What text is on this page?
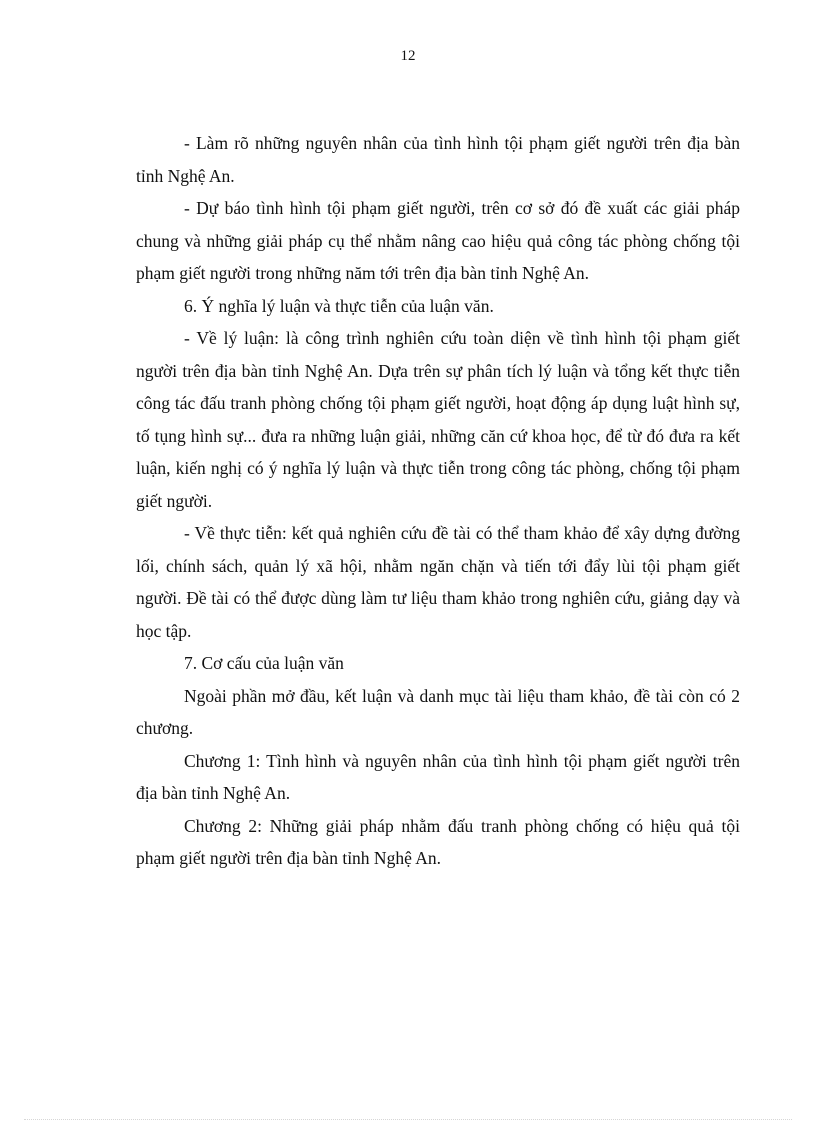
12

- Làm rõ những nguyên nhân của tình hình tội phạm giết người trên địa bàn tỉnh Nghệ An.

- Dự báo tình hình tội phạm giết người, trên cơ sở đó đề xuất các giải pháp chung và những giải pháp cụ thể nhằm nâng cao hiệu quả công tác phòng chống tội phạm giết người trong những năm tới trên địa bàn tỉnh Nghệ An.

6. Ý nghĩa lý luận và thực tiễn của luận văn.

- Về lý luận: là công trình nghiên cứu toàn diện về tình hình tội phạm giết người trên địa bàn tỉnh Nghệ An. Dựa trên sự phân tích lý luận và tổng kết thực tiễn công tác đấu tranh phòng chống tội phạm giết người, hoạt động áp dụng luật hình sự, tố tụng hình sự... đưa ra những luận giải, những căn cứ khoa học, để từ đó đưa ra kết luận, kiến nghị có ý nghĩa lý luận và thực tiễn trong công tác phòng, chống tội phạm giết người.

- Về thực tiễn: kết quả nghiên cứu đề tài có thể tham khảo để xây dựng đường lối, chính sách, quản lý xã hội, nhằm ngăn chặn và tiến tới đẩy lùi tội phạm giết người. Đề tài có thể được dùng làm tư liệu tham khảo trong nghiên cứu, giảng dạy và học tập.

7. Cơ cấu của luận văn

Ngoài phần mở đầu, kết luận và danh mục tài liệu tham khảo, đề tài còn có 2 chương.

Chương 1: Tình hình và nguyên nhân của tình hình tội phạm giết người trên địa bàn tỉnh Nghệ An.

Chương 2: Những giải pháp nhằm đấu tranh phòng chống có hiệu quả tội phạm giết người trên địa bàn tỉnh Nghệ An.
